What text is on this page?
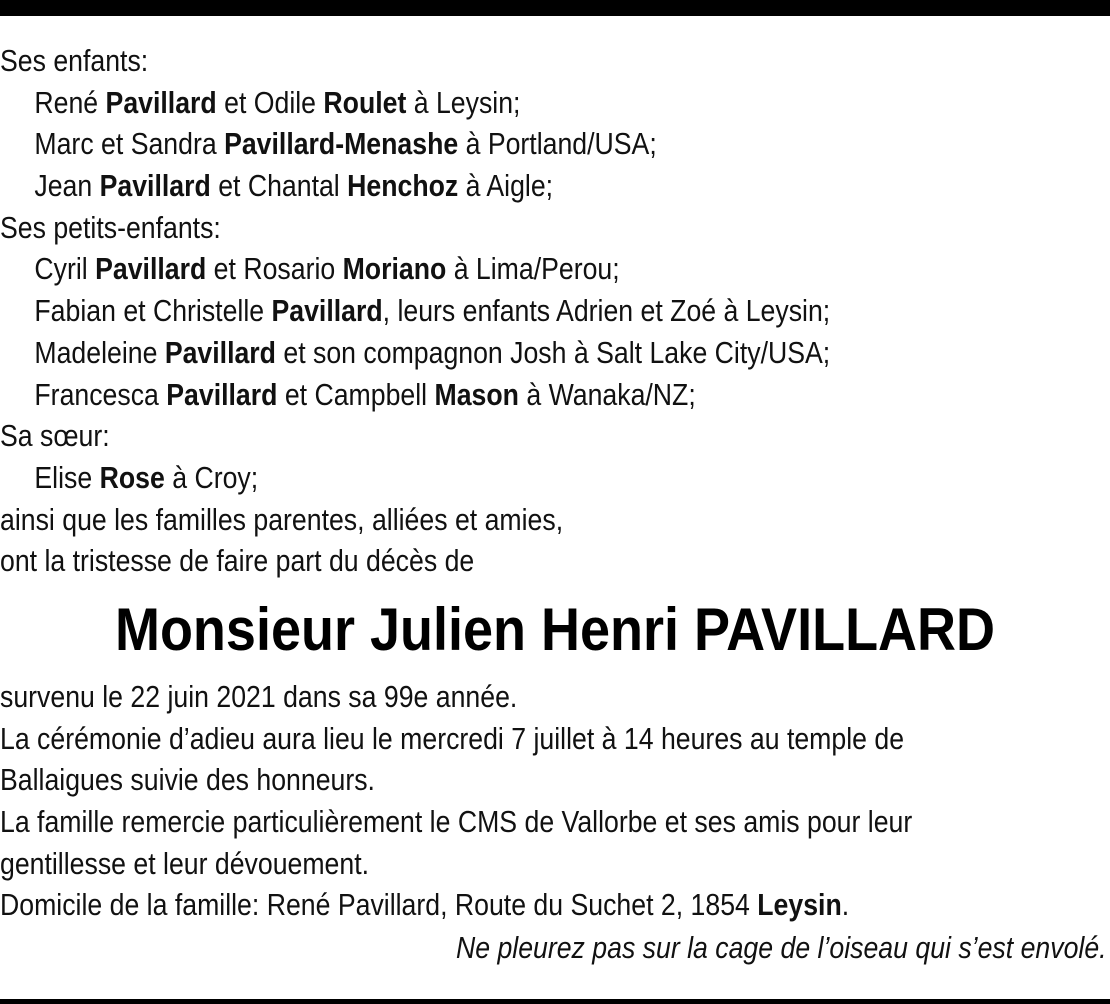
Ses enfants:
René Pavillard et Odile Roulet à Leysin;
Marc et Sandra Pavillard-Menashe à Portland/USA;
Jean Pavillard et Chantal Henchoz à Aigle;
Ses petits-enfants:
Cyril Pavillard et Rosario Moriano à Lima/Perou;
Fabian et Christelle Pavillard, leurs enfants Adrien et Zoé à Leysin;
Madeleine Pavillard et son compagnon Josh à Salt Lake City/USA;
Francesca Pavillard et Campbell Mason à Wanaka/NZ;
Sa sœur:
Elise Rose à Croy;
ainsi que les familles parentes, alliées et amies,
ont la tristesse de faire part du décès de
Monsieur Julien Henri PAVILLARD
survenu le 22 juin 2021 dans sa 99e année.
La cérémonie d’adieu aura lieu le mercredi 7 juillet à 14 heures au temple de
Ballaigues suivie des honneurs.
La famille remercie particulièrement le CMS de Vallorbe et ses amis pour leur
gentillesse et leur dévouement.
Domicile de la famille: René Pavillard, Route du Suchet 2, 1854 Leysin.
Ne pleurez pas sur la cage de l’oiseau qui s’est envolé.
